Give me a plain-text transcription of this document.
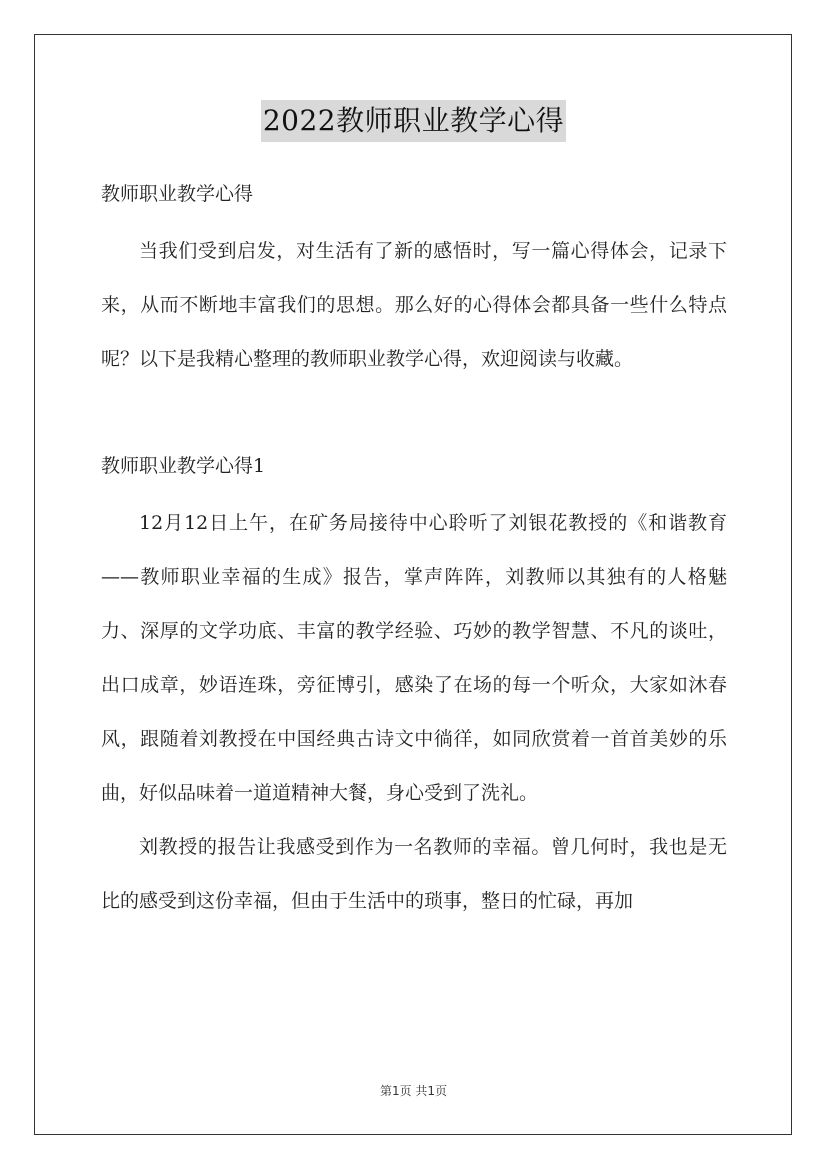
2022教师职业教学心得

教师职业教学心得

当我们受到启发，对生活有了新的感悟时，写一篇心得体会，记录下来，从而不断地丰富我们的思想。那么好的心得体会都具备一些什么特点呢？以下是我精心整理的教师职业教学心得，欢迎阅读与收藏。

教师职业教学心得1

12月12日上午，在矿务局接待中心聆听了刘银花教授的《和谐教育——教师职业幸福的生成》报告，掌声阵阵，刘教师以其独有的人格魅力、深厚的文学功底、丰富的教学经验、巧妙的教学智慧、不凡的谈吐，出口成章，妙语连珠，旁征博引，感染了在场的每一个听众，大家如沐春风，跟随着刘教授在中国经典古诗文中徜徉，如同欣赏着一首首美妙的乐曲，好似品味着一道道精神大餐，身心受到了洗礼。

刘教授的报告让我感受到作为一名教师的幸福。曾几何时，我也是无比的感受到这份幸福，但由于生活中的琐事，整日的忙碌，再加

第1页 共1页
